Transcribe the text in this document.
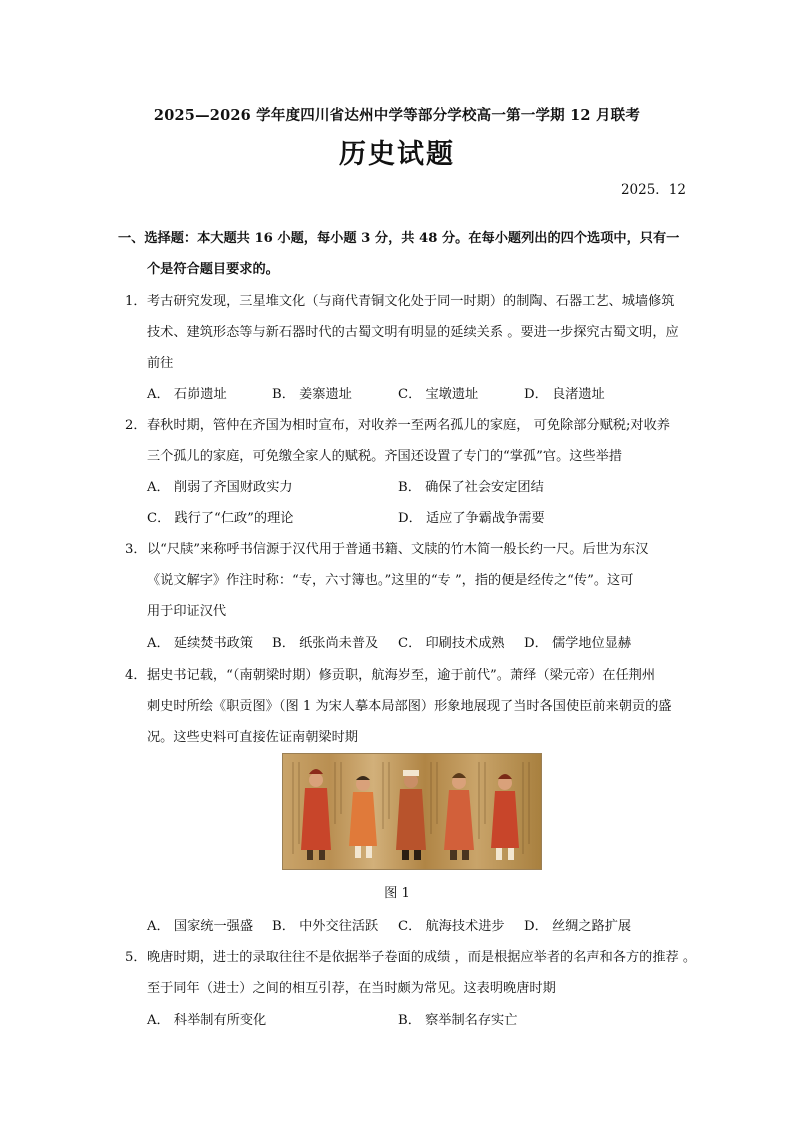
2025—2026 学年度四川省达州中学等部分学校高一第一学期 12 月联考
历史试题
2025．12
一、选择题：本大题共 16 小题，每小题 3 分，共 48 分。在每小题列出的四个选项中，只有一
个是符合题目要求的。
1． 考古研究发现，三星堆文化（与商代青铜文化处于同一时期）的制陶、石器工艺、城墙修筑
技术、建筑形态等与新石器时代的古蜀文明有明显的延续关系 。要进一步探究古蜀文明，应
前往
A． 石峁遗址	B． 姜寨遗址	C． 宝墩遗址	D． 良渚遗址
2． 春秋时期，管仲在齐国为相时宣布，对收养一至两名孤儿的家庭， 可免除部分赋税;对收养
三个孤儿的家庭，可免缴全家人的赋税。齐国还设置了专门的“掌孤”官。这些举措
A． 削弱了齐国财政实力	B． 确保了社会安定团结
C． 践行了“仁政”的理论	D． 适应了争霸战争需要
3． 以“尺牍”来称呼书信源于汉代用于普通书籍、文牍的竹木简一般长约一尺。后世为东汉
《说文解字》作注时称：“专，六寸簿也。”这里的“专 ”，指的便是经传之“传”。这可
用于印证汉代
A． 延续焚书政策 B． 纸张尚未普及 C． 印刷技术成熟 D． 儒学地位显赫
4． 据史书记载，“（南朝梁时期）修贡职，航海岁至，逾于前代”。萧绎（梁元帝）在任荆州
刺史时所绘《职贡图》（图 1 为宋人摹本局部图）形象地展现了当时各国使臣前来朝贡的盛
况。这些史料可直接佐证南朝梁时期
图 1
A． 国家统一强盛 B． 中外交往活跃 C． 航海技术进步 D． 丝绸之路扩展
5． 晚唐时期，进士的录取往往不是依据举子卷面的成绩 ，而是根据应举者的名声和各方的推荐 。
至于同年（进士）之间的相互引荐，在当时颇为常见。这表明晚唐时期
A． 科举制有所变化	B． 察举制名存实亡
